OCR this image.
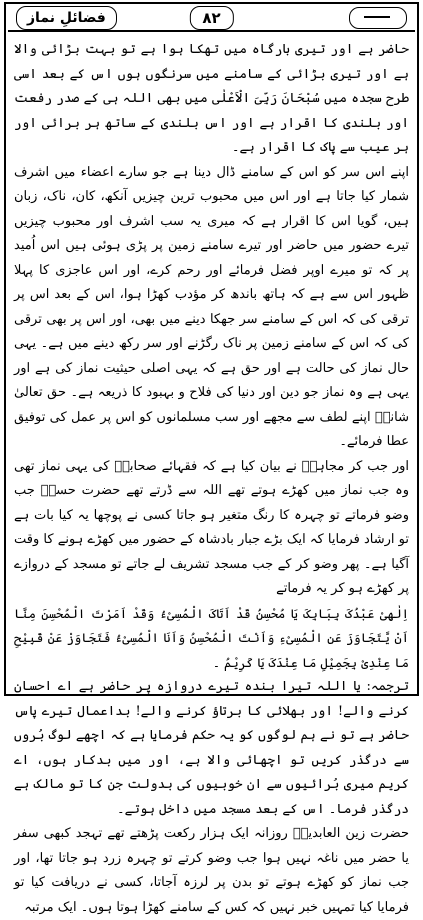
فضائلِ نماز	۸۲

حاضر ہے اور تیری بارگاہ میں تھکا ہوا ہے تو بہت بڑائی والا ہے اور تیری بڑائی کے سامنے میں سرنگوں ہوں اس کے بعد اسی طرح سجدہ میں سُبْحَانَ رَبِّیَ الْاَعْلٰی میں بھی اللہ ہی کے صدر رفعت اور بلندی کا اقرار ہے اور اس بلندی کے ساتھ ہر برائی اور ہر عیب سے پاک کا اقرار ہے۔

اپنے اس سر کو اس کے سامنے ڈال دینا ہے جو سارے اعضاء میں اشرف شمار کیا جاتا ہے اور اس میں محبوب ترین چیزیں آنکھ، کان، ناک، زبان ہیں، گویا اس کا اقرار ہے کہ میری یہ سب اشرف اور محبوب چیزیں تیرے حضور میں حاضر اور تیرے سامنے زمین پر پڑی ہوئی ہیں اس اُمید پر کہ تو میرے اوپر فضل فرمائے اور رحم کرے، اور اس عاجزی کا پہلا ظہور اس سے ہے کہ ہاتھ باندھ کر مؤدب کھڑا ہوا، اس کے بعد اس پر ترقی کی کہ اس کے سامنے سر جھکا دینے میں بھی، اور اس پر بھی ترقی کی کہ اس کے سامنے زمین پر ناک رگڑنے اور سر رکھ دینے میں ہے۔ یہی حال نماز کی حالت ہے اور حق ہے کہ یہی اصلی حیثیت نماز کی ہے اور یہی ہے وہ نماز جو دین اور دنیا کی فلاح و بہبود کا ذریعہ ہے۔ حق تعالیٰ شانہٗ اپنے لطف سے مجھے اور سب مسلمانوں کو اس پر عمل کی توفیق عطا فرمائے۔

اور جب کر مجاہدؒ نے بیان کیا ہے کہ فقہائے صحابہؓ کی یہی نماز تھی وہ جب نماز میں کھڑے ہوتے تھے اللہ سے ڈرتے تھے حضرت حسنؓ جب وضو فرماتے تو چہرہ کا رنگ متغیر ہو جاتا کسی نے پوچھا یہ کیا بات ہے تو ارشاد فرمایا کہ ایک بڑے جبار بادشاہ کے حضور میں کھڑے ہونے کا وقت آگیا ہے۔ پھر وضو کر کے جب مسجد تشریف لے جاتے تو مسجد کے دروازے پر کھڑے ہو کر یہ فرماتے

اِلٰھِیْ عَبْدُکَ بِبَابِکَ یَا مُحْسِنُ قَدْ اَتَاکَ الْمُسِیْءُ وَقَدْ اَمَرْتَ الْمُحْسِنَ مِنَّا اَنْ یَّتَجَاوَزَ عَنِ الْمُسِیْءِ وَاَنْتَ الْمُحْسِنُ وَاَنَا الْمُسِیْءُ فَتَجَاوَزْ عَنْ قَبِیْحِ مَا عِنْدِیْ بِجَمِیْلِ مَا عِنْدَکَ یَا کَرِیْمُ ۔

ترجمہ: یا اللہ تیرا بندہ تیرے دروازہ پر حاضر ہے اے احسان کرنے والے! اور بھلائی کا برتاؤ کرنے والے! بداعمال تیرے پاس حاضر ہے تو نے ہم لوگوں کو یہ حکم فرمایا ہے کہ اچھے لوگ بُروں سے درگذر کریں تو اچھائی والا ہے، اور میں بدکار ہوں، اے کریم میری بُرائیوں سے ان خوبیوں کی بدولت جن کا تو مالک ہے درگذر فرما۔ اس کے بعد مسجد میں داخل ہوتے۔

حضرت زین العابدینؒ روزانہ ایک ہزار رکعت پڑھتے تھے تہجد کبھی سفر یا حضر میں ناغہ نہیں ہوا جب وضو کرتے تو چہرہ زرد ہو جاتا تھا، اور جب نماز کو کھڑے ہوتے تو بدن پر لرزہ آجاتا، کسی نے دریافت کیا تو فرمایا کیا تمہیں خبر نہیں کہ کس کے سامنے کھڑا ہوتا ہوں۔ ایک مرتبہ
